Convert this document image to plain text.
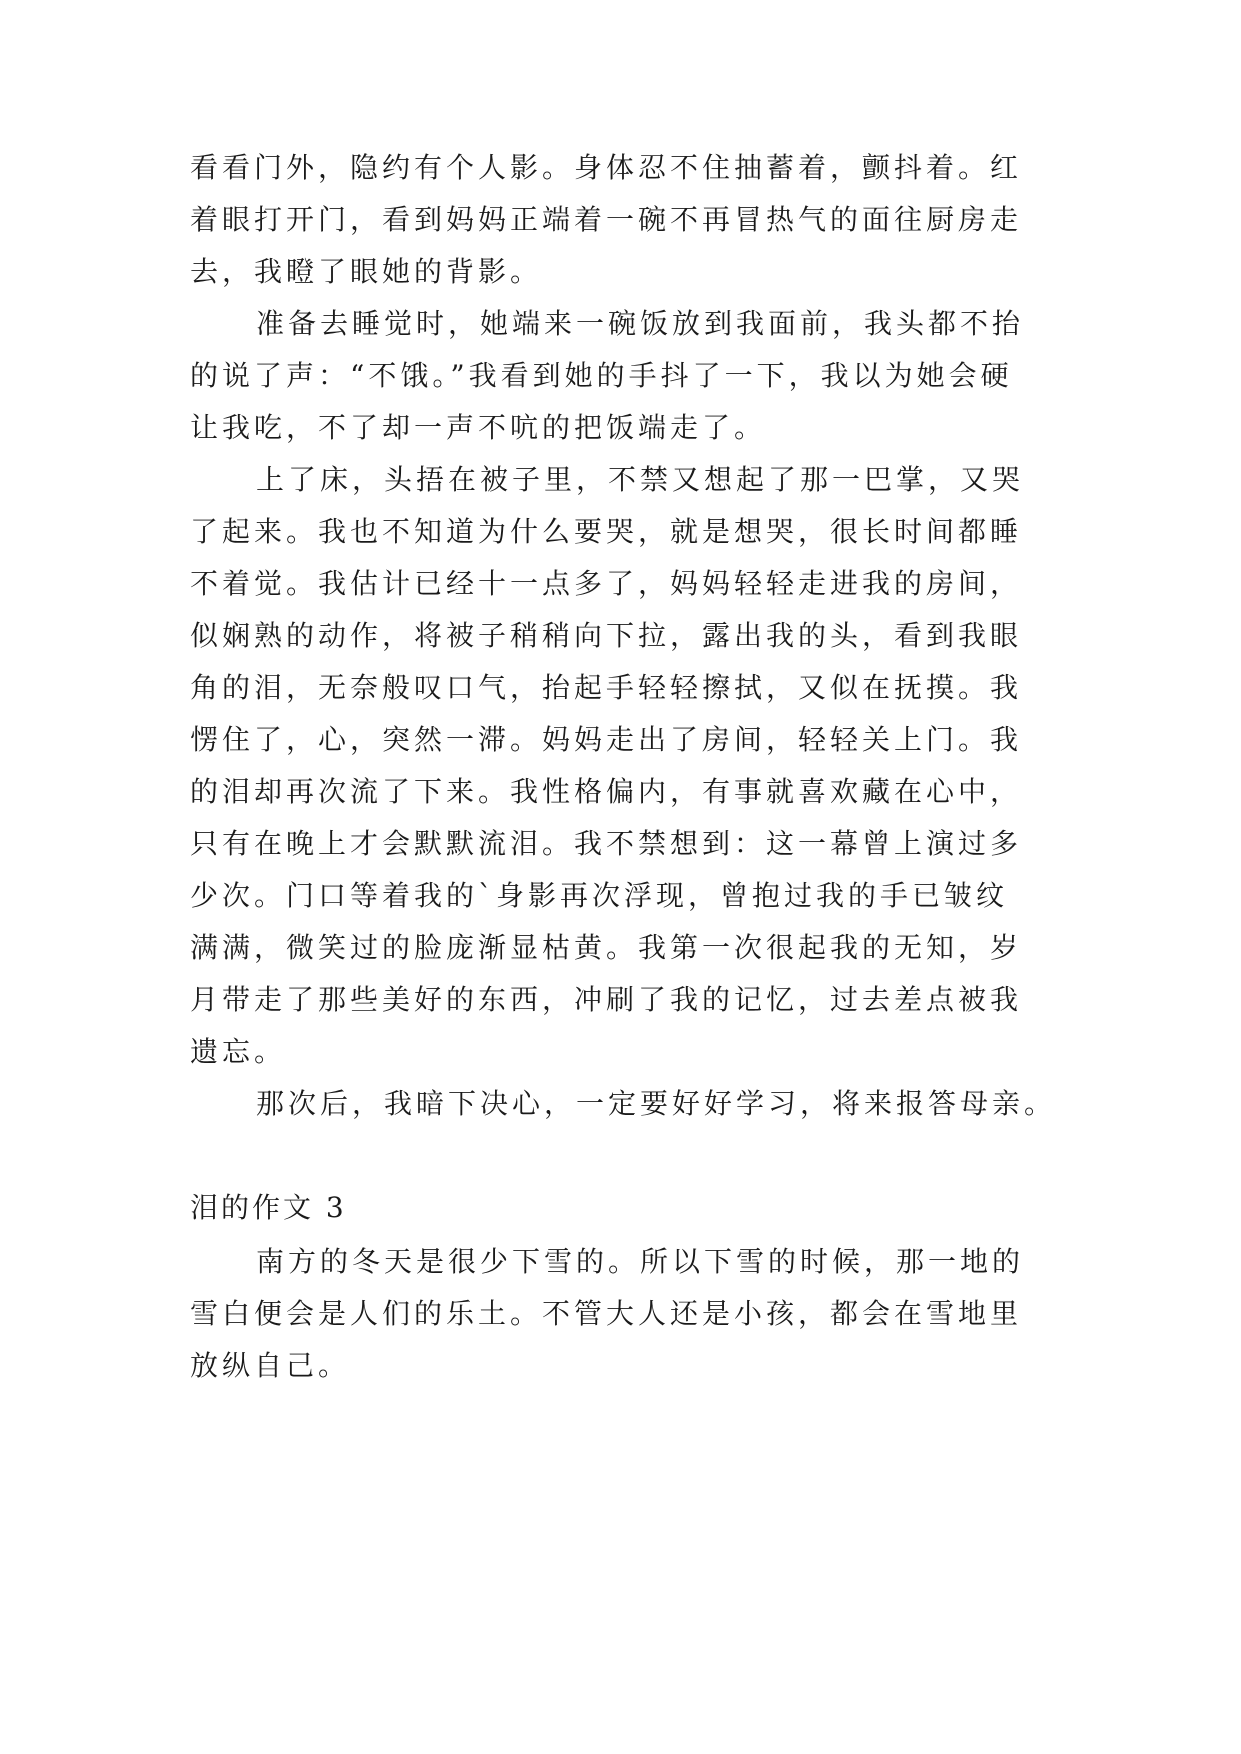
看看门外，隐约有个人影。身体忍不住抽蓄着，颤抖着。红
着眼打开门，看到妈妈正端着一碗不再冒热气的面往厨房走
去，我瞪了眼她的背影。
准备去睡觉时，她端来一碗饭放到我面前，我头都不抬
的说了声：“不饿。”我看到她的手抖了一下，我以为她会硬
让我吃，不了却一声不吭的把饭端走了。
上了床，头捂在被子里，不禁又想起了那一巴掌，又哭
了起来。我也不知道为什么要哭，就是想哭，很长时间都睡
不着觉。我估计已经十一点多了，妈妈轻轻走进我的房间，
似娴熟的动作，将被子稍稍向下拉，露出我的头，看到我眼
角的泪，无奈般叹口气，抬起手轻轻擦拭，又似在抚摸。我
愣住了，心，突然一滞。妈妈走出了房间，轻轻关上门。我
的泪却再次流了下来。我性格偏内，有事就喜欢藏在心中，
只有在晚上才会默默流泪。我不禁想到：这一幕曾上演过多
少次。门口等着我的`身影再次浮现，曾抱过我的手已皱纹
满满，微笑过的脸庞渐显枯黄。我第一次很起我的无知，岁
月带走了那些美好的东西，冲刷了我的记忆，过去差点被我
遗忘。
那次后，我暗下决心，一定要好好学习，将来报答母亲。
泪的作文 3
南方的冬天是很少下雪的。所以下雪的时候，那一地的
雪白便会是人们的乐土。不管大人还是小孩，都会在雪地里
放纵自己。
